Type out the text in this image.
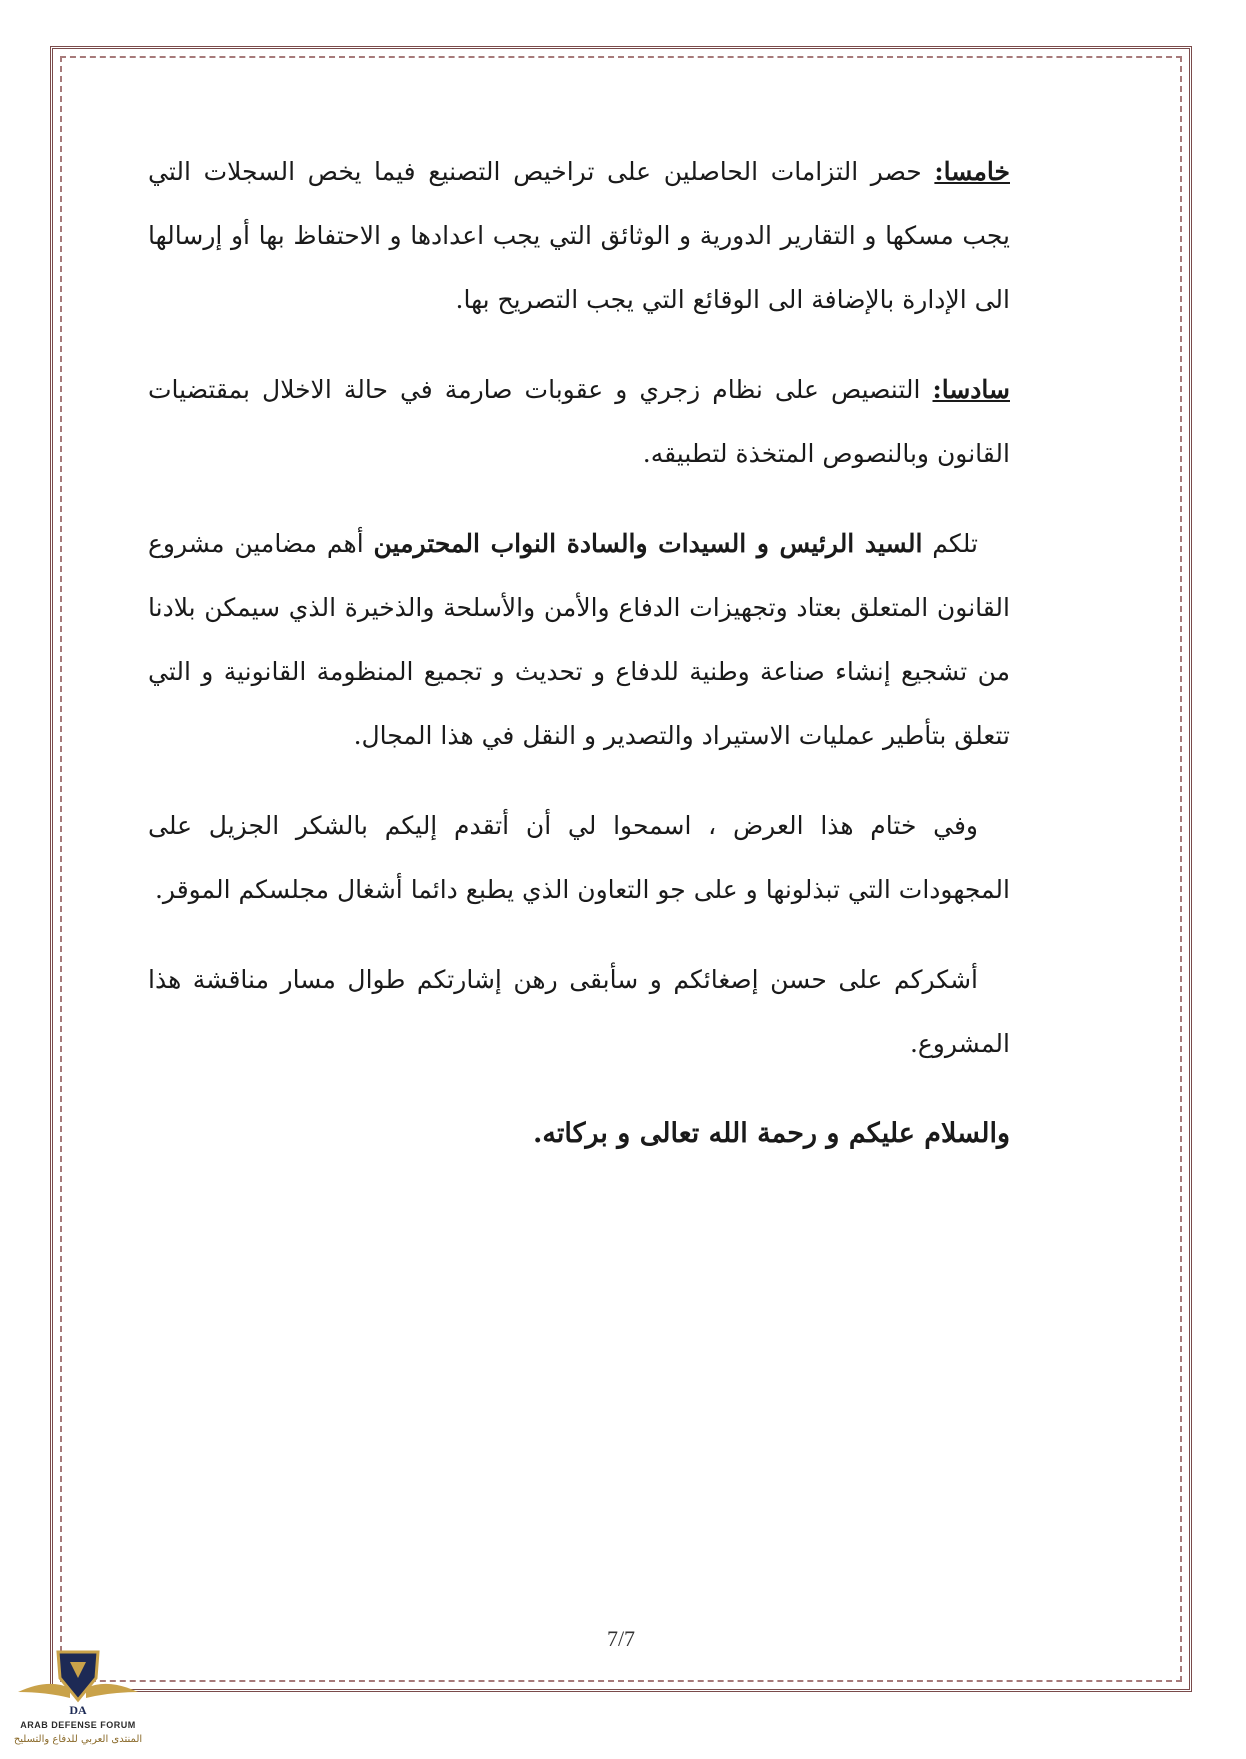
خامسا: حصر التزامات الحاصلين على تراخيص التصنيع فيما يخص السجلات التي يجب مسكها و التقارير الدورية و الوثائق التي يجب اعدادها و الاحتفاظ بها أو إرسالها الى الإدارة بالإضافة الى الوقائع التي يجب التصريح بها.

سادسا: التنصيص على نظام زجري و عقوبات صارمة في حالة الاخلال بمقتضيات القانون وبالنصوص المتخذة لتطبيقه.

تلكم السيد الرئيس و السيدات والسادة النواب المحترمين أهم مضامين مشروع القانون المتعلق بعتاد وتجهيزات الدفاع والأمن والأسلحة والذخيرة الذي سيمكن بلادنا من تشجيع إنشاء صناعة وطنية للدفاع و تحديث و تجميع المنظومة القانونية و التي تتعلق بتأطير عمليات الاستيراد والتصدير و النقل في هذا المجال.

وفي ختام هذا العرض ، اسمحوا لي أن أتقدم إليكم بالشكر الجزيل على المجهودات التي تبذلونها و على جو التعاون الذي يطبع دائما أشغال مجلسكم الموقر.

أشكركم على حسن إصغائكم و سأبقى رهن إشارتكم طوال مسار مناقشة هذا المشروع.

والسلام عليكم و رحمة الله تعالى و بركاته.

7/7
DA
ARAB DEFENSE FORUM
المنتدى العربي للدفاع والتسليح
